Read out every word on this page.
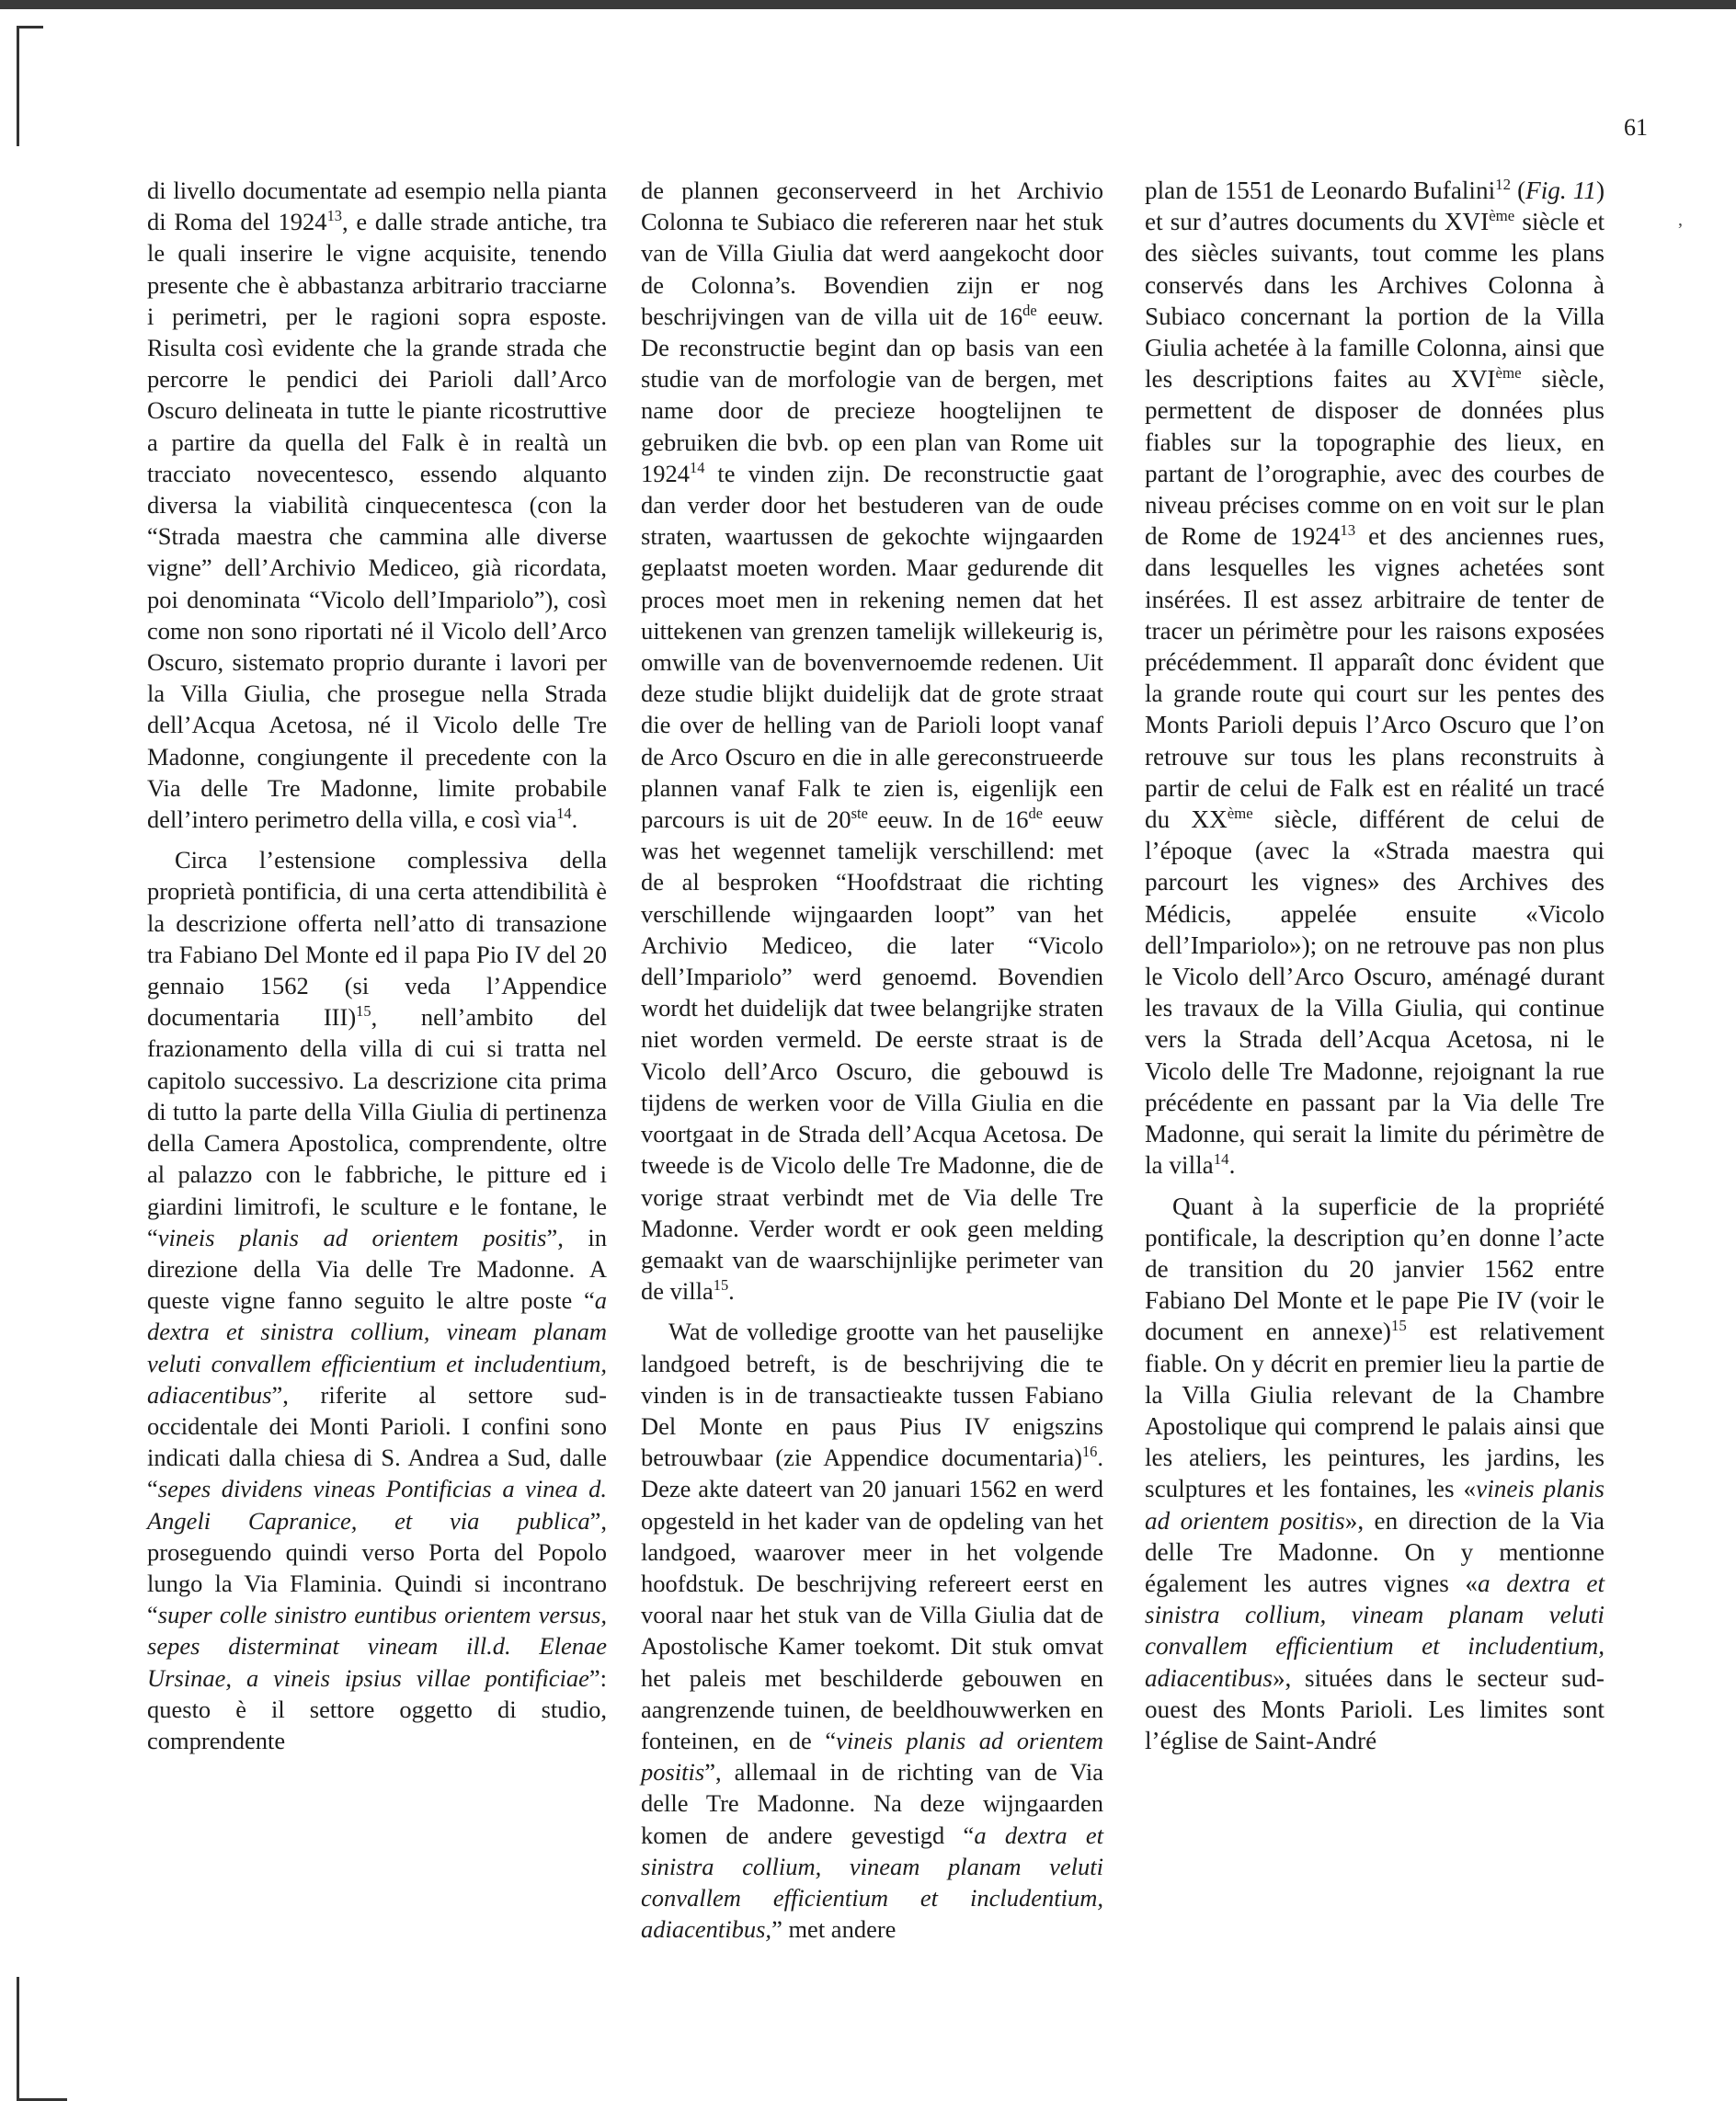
,
61

di livello documentate ad esempio nella pianta di Roma del 1924$^{13}$, e dalle strade antiche, tra le quali inserire le vigne acquisite, tenendo presente che è abbastanza arbitrario tracciarne i perimetri, per le ragioni sopra esposte. Risulta così evidente che la grande strada che percorre le pendici dei Parioli dall’Arco Oscuro delineata in tutte le piante ricostruttive a partire da quella del Falk è in realtà un tracciato novecentesco, essendo alquanto diversa la viabilità cinquecentesca (con la “Strada maestra che cammina alle diverse vigne” dell’Archivio Mediceo, già ricordata, poi denominata “Vicolo dell’Impariolo”), così come non sono riportati né il Vicolo dell’Arco Oscuro, sistemato proprio durante i lavori per la Villa Giulia, che prosegue nella Strada dell’Acqua Acetosa, né il Vicolo delle Tre Madonne, congiungente il precedente con la Via delle Tre Madonne, limite probabile dell’intero perimetro della villa, e così via$^{14}$.

Circa l’estensione complessiva della proprietà pontificia, di una certa attendibilità è la descrizione offerta nell’atto di transazione tra Fabiano Del Monte ed il papa Pio IV del 20 gennaio 1562 (si veda l’Appendice documentaria III)$^{15}$, nell’ambito del frazionamento della villa di cui si tratta nel capitolo successivo. La descrizione cita prima di tutto la parte della Villa Giulia di pertinenza della Camera Apostolica, comprendente, oltre al palazzo con le fabbriche, le pitture ed i giardini limitrofi, le sculture e le fontane, le “vineis planis ad orientem positis”, in direzione della Via delle Tre Madonne. A queste vigne fanno seguito le altre poste “a dextra et sinistra collium, vineam planam veluti convallem efficientium et includentium, adiacentibus”, riferite al settore sud-occidentale dei Monti Parioli. I confini sono indicati dalla chiesa di S. Andrea a Sud, dalle “sepes dividens vineas Pontificias a vinea d. Angeli Capranice, et via publica”, proseguendo quindi verso Porta del Popolo lungo la Via Flaminia. Quindi si incontrano “super colle sinistro euntibus orientem versus, sepes disterminat vineam ill.d. Elenae Ursinae, a vineis ipsius villae pontificiae”: questo è il settore oggetto di studio, comprendente

de plannen geconserveerd in het Archivio Colonna te Subiaco die refereren naar het stuk van de Villa Giulia dat werd aangekocht door de Colonna’s. Bovendien zijn er nog beschrijvingen van de villa uit de 16de eeuw. De reconstructie begint dan op basis van een studie van de morfologie van de bergen, met name door de precieze hoogtelijnen te gebruiken die bvb. op een plan van Rome uit 1924$^{14}$ te vinden zijn. De reconstructie gaat dan verder door het bestuderen van de oude straten, waartussen de gekochte wijngaarden geplaatst moeten worden. Maar gedurende dit proces moet men in rekening nemen dat het uittekenen van grenzen tamelijk willekeurig is, omwille van de bovenvernoemde redenen. Uit deze studie blijkt duidelijk dat de grote straat die over de helling van de Parioli loopt vanaf de Arco Oscuro en die in alle gereconstrueerde plannen vanaf Falk te zien is, eigenlijk een parcours is uit de 20ste eeuw. In de 16de eeuw was het wegennet tamelijk verschillend: met de al besproken “Hoofdstraat die richting verschillende wijngaarden loopt” van het Archivio Mediceo, die later “Vicolo dell’Impariolo” werd genoemd. Bovendien wordt het duidelijk dat twee belangrijke straten niet worden vermeld. De eerste straat is de Vicolo dell’Arco Oscuro, die gebouwd is tijdens de werken voor de Villa Giulia en die voortgaat in de Strada dell’Acqua Acetosa. De tweede is de Vicolo delle Tre Madonne, die de vorige straat verbindt met de Via delle Tre Madonne. Verder wordt er ook geen melding gemaakt van de waarschijnlijke perimeter van de villa$^{15}$.

Wat de volledige grootte van het pauselijke landgoed betreft, is de beschrijving die te vinden is in de transactieakte tussen Fabiano Del Monte en paus Pius IV enigszins betrouwbaar (zie Appendice documentaria)$^{16}$. Deze akte dateert van 20 januari 1562 en werd opgesteld in het kader van de opdeling van het landgoed, waarover meer in het volgende hoofdstuk. De beschrijving refereert eerst en vooral naar het stuk van de Villa Giulia dat de Apostolische Kamer toekomt. Dit stuk omvat het paleis met beschilderde gebouwen en aangrenzende tuinen, de beeldhouwwerken en fonteinen, en de “vineis planis ad orientem positis”, allemaal in de richting van de Via delle Tre Madonne. Na deze wijngaarden komen de andere gevestigd “a dextra et sinistra collium, vineam planam veluti convallem efficientium et includentium, adiacentibus,” met andere

plan de 1551 de Leonardo Bufalini$^{12}$ (Fig. 11) et sur d’autres documents du XVIème siècle et des siècles suivants, tout comme les plans conservés dans les Archives Colonna à Subiaco concernant la portion de la Villa Giulia achetée à la famille Colonna, ainsi que les descriptions faites au XVIème siècle, permettent de disposer de données plus fiables sur la topographie des lieux, en partant de l’orographie, avec des courbes de niveau précises comme on en voit sur le plan de Rome de 1924$^{13}$ et des anciennes rues, dans lesquelles les vignes achetées sont insérées. Il est assez arbitraire de tenter de tracer un périmètre pour les raisons exposées précédemment. Il apparaît donc évident que la grande route qui court sur les pentes des Monts Parioli depuis l’Arco Oscuro que l’on retrouve sur tous les plans reconstruits à partir de celui de Falk est en réalité un tracé du XXème siècle, différent de celui de l’époque (avec la «Strada maestra qui parcourt les vignes» des Archives des Médicis, appelée ensuite «Vicolo dell’Impariolo»); on ne retrouve pas non plus le Vicolo dell’Arco Oscuro, aménagé durant les travaux de la Villa Giulia, qui continue vers la Strada dell’Acqua Acetosa, ni le Vicolo delle Tre Madonne, rejoignant la rue précédente en passant par la Via delle Tre Madonne, qui serait la limite du périmètre de la villa$^{14}$.

Quant à la superficie de la propriété pontificale, la description qu’en donne l’acte de transition du 20 janvier 1562 entre Fabiano Del Monte et le pape Pie IV (voir le document en annexe)$^{15}$ est relativement fiable. On y décrit en premier lieu la partie de la Villa Giulia relevant de la Chambre Apostolique qui comprend le palais ainsi que les ateliers, les peintures, les jardins, les sculptures et les fontaines, les «vineis planis ad orientem positis», en direction de la Via delle Tre Madonne. On y mentionne également les autres vignes «a dextra et sinistra collium, vineam planam veluti convallem efficientium et includentium, adiacentibus», situées dans le secteur sud-ouest des Monts Parioli. Les limites sont l’église de Saint-André
